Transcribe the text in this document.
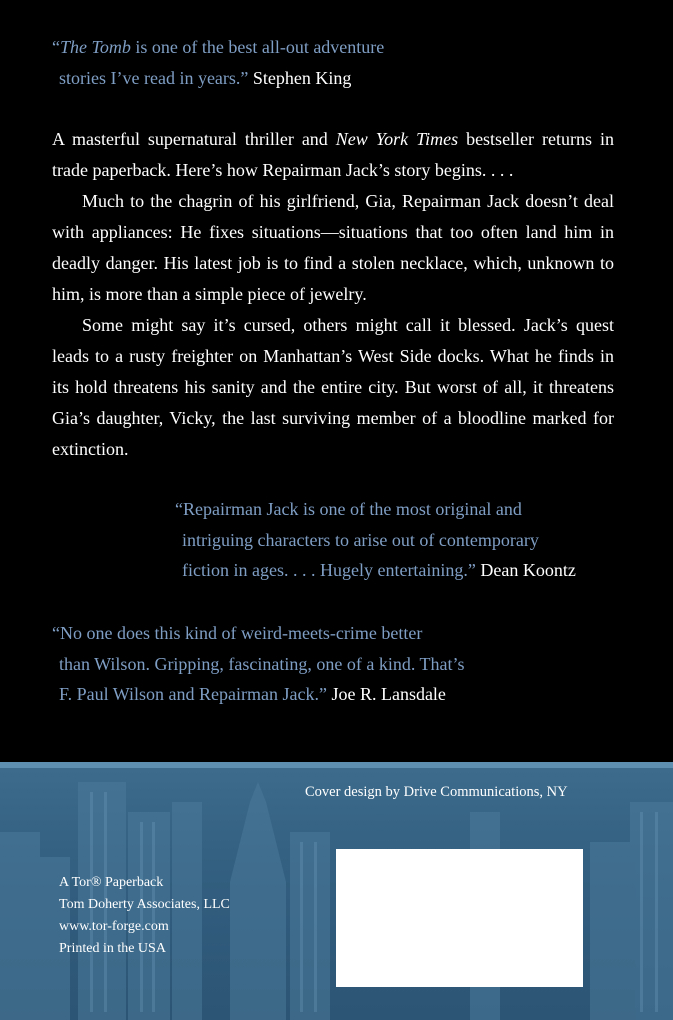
“The Tomb is one of the best all-out adventure
stories I’ve read in years.” Stephen King

A masterful supernatural thriller and New York Times bestseller returns in trade paperback. Here’s how Repairman Jack’s story begins. . . .

Much to the chagrin of his girlfriend, Gia, Repairman Jack doesn’t deal with appliances: He fixes situations—situations that too often land him in deadly danger. His latest job is to find a stolen necklace, which, unknown to him, is more than a simple piece of jewelry.

Some might say it’s cursed, others might call it blessed. Jack’s quest leads to a rusty freighter on Manhattan’s West Side docks. What he finds in its hold threatens his sanity and the entire city. But worst of all, it threatens Gia’s daughter, Vicky, the last surviving member of a bloodline marked for extinction.

“Repairman Jack is one of the most original and
intriguing characters to arise out of contemporary
fiction in ages. . . . Hugely entertaining.” Dean Koontz
“No one does this kind of weird-meets-crime better
than Wilson. Gripping, fascinating, one of a kind. That’s
F. Paul Wilson and Repairman Jack.” Joe R. Lansdale
Cover design by Drive Communications, NY
A Tor® Paperback
Tom Doherty Associates, LLC
www.tor-forge.com
Printed in the USA
